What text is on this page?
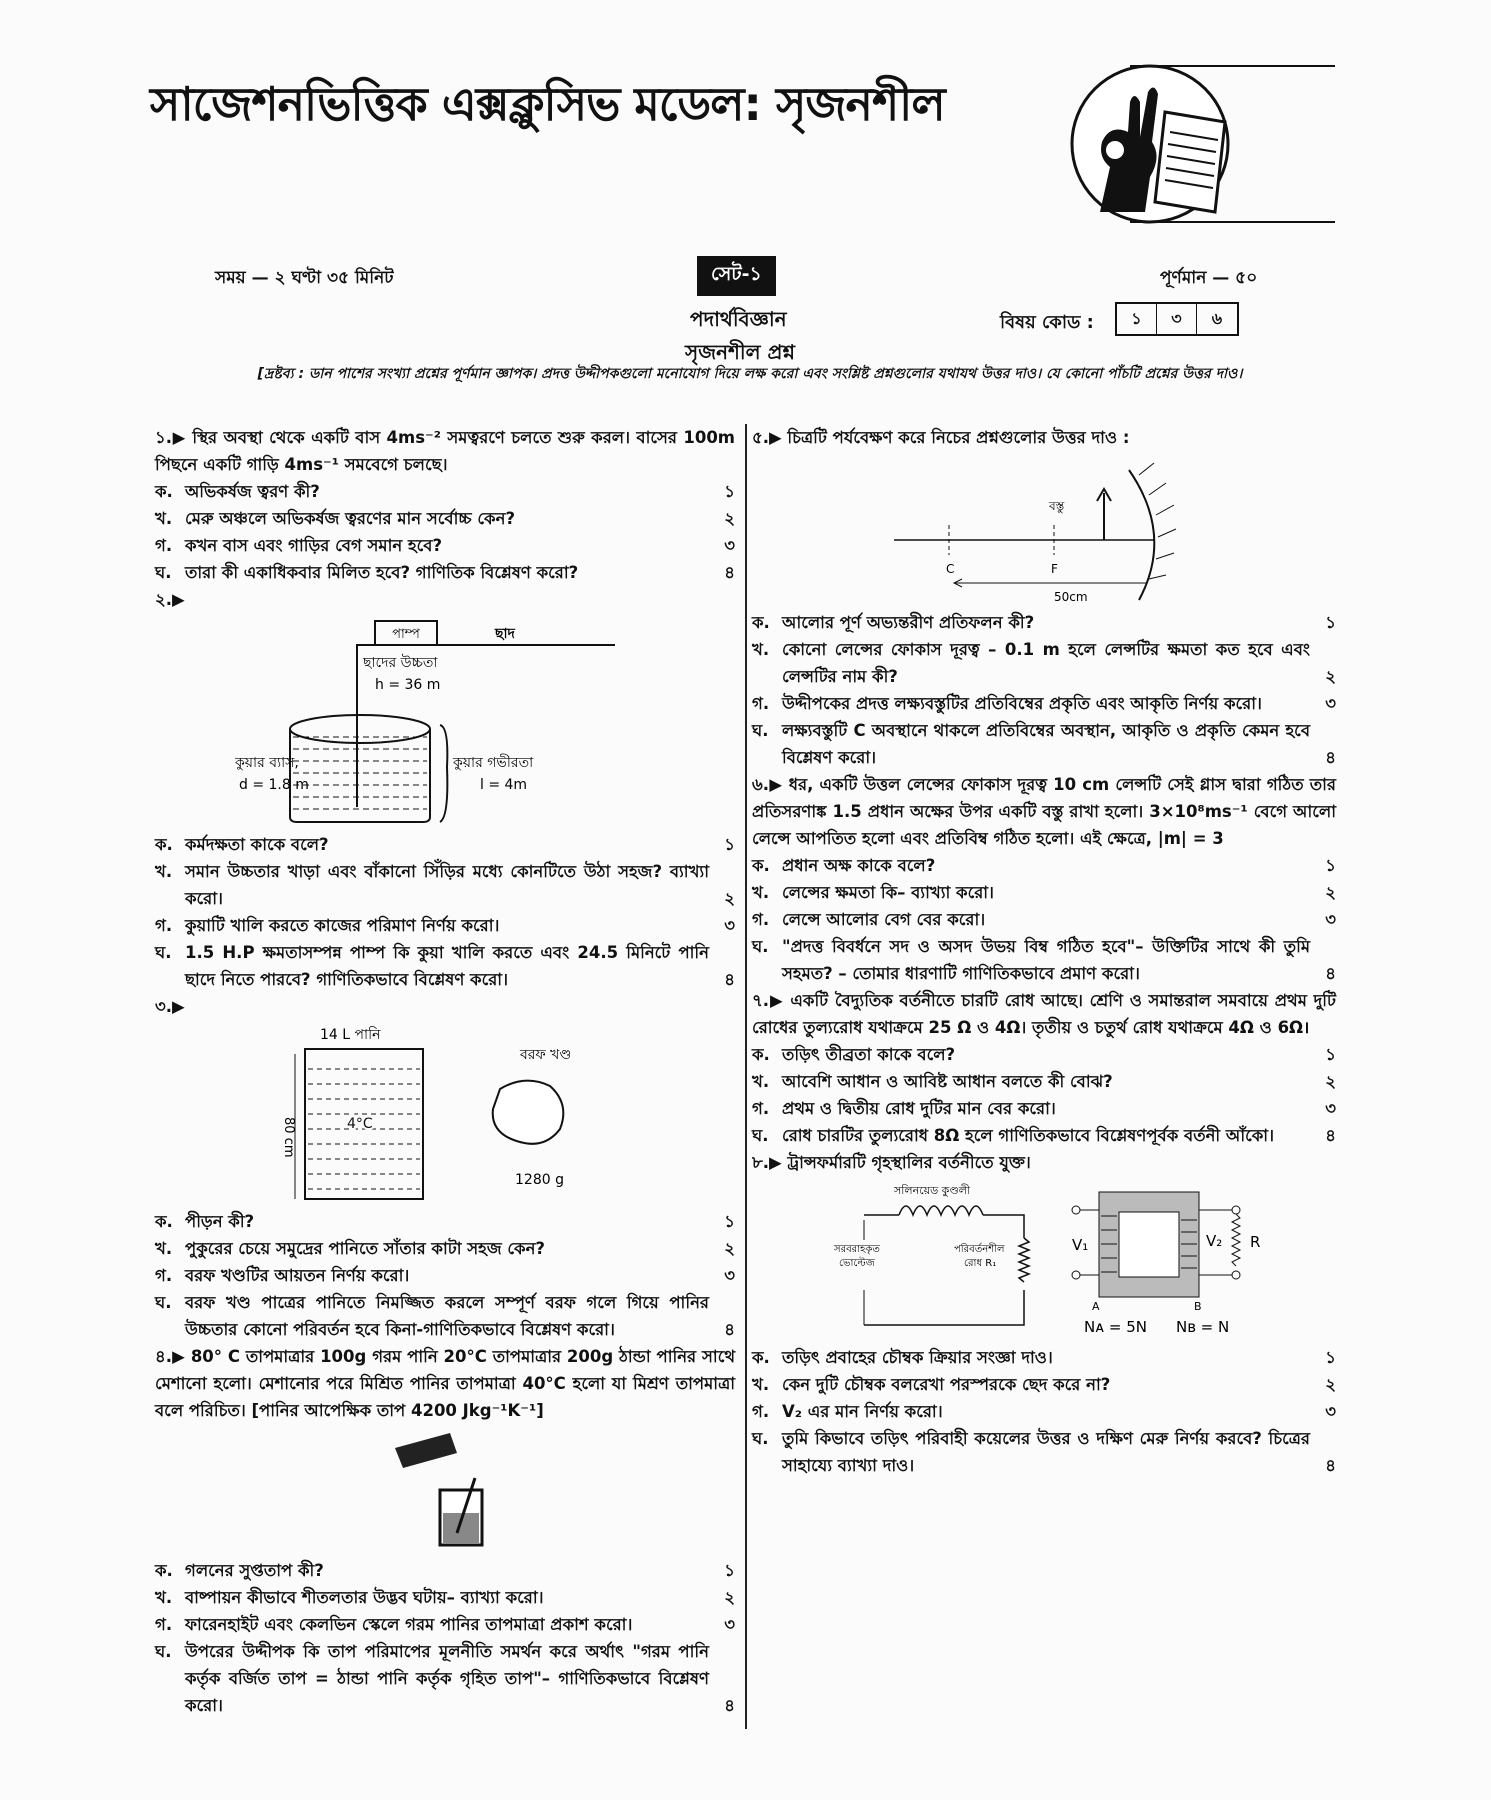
সাজেশনভিত্তিক এক্সক্লুসিভ মডেল: সৃজনশীল
সময় — ২ ঘণ্টা ৩৫ মিনিট	সেট-১	পূর্ণমান — ৫০
পদার্থবিজ্ঞান	বিষয় কোড :	১	৩	৬
সৃজনশীল প্রশ্ন
[দ্রষ্টব্য : ডান পাশের সংখ্যা প্রশ্নের পূর্ণমান জ্ঞাপক। প্রদত্ত উদ্দীপকগুলো মনোযোগ দিয়ে লক্ষ করো এবং সংশ্লিষ্ট প্রশ্নগুলোর যথাযথ উত্তর দাও। যে কোনো পাঁচটি প্রশ্নের উত্তর দাও।
১.▶ স্থির অবস্থা থেকে একটি বাস 4ms⁻² সমত্বরণে চলতে শুরু করল। বাসের 100m পিছনে একটি গাড়ি 4ms⁻¹ সমবেগে চলছে।
ক. অভিকর্ষজ ত্বরণ কী?	১
খ. মেরু অঞ্চলে অভিকর্ষজ ত্বরণের মান সর্বোচ্চ কেন?	২
গ. কখন বাস এবং গাড়ির বেগ সমান হবে?	৩
ঘ. তারা কী একাধিকবার মিলিত হবে? গাণিতিক বিশ্লেষণ করো?	৪
২.▶
পাম্প	ছাদ
ছাদের উচ্চতা
h = 36 m
কুয়ার ব্যাস,
d = 1.8 m
কুয়ার গভীরতা
l = 4m
ক. কর্মদক্ষতা কাকে বলে?	১
খ. সমান উচ্চতার খাড়া এবং বাঁকানো সিঁড়ির মধ্যে কোনটিতে উঠা সহজ? ব্যাখ্যা করো।	২
গ. কুয়াটি খালি করতে কাজের পরিমাণ নির্ণয় করো।	৩
ঘ. 1.5 H.P ক্ষমতাসম্পন্ন পাম্প কি কুয়া খালি করতে এবং 24.5 মিনিটে পানি ছাদে নিতে পারবে? গাণিতিকভাবে বিশ্লেষণ করো।	৪
৩.▶
14 L পানি
80 cm	4°C
বরফ খণ্ড
1280 g
ক. পীড়ন কী?	১
খ. পুকুরের চেয়ে সমুদ্রের পানিতে সাঁতার কাটা সহজ কেন?	২
গ. বরফ খণ্ডটির আয়তন নির্ণয় করো।	৩
ঘ. বরফ খণ্ড পাত্রের পানিতে নিমজ্জিত করলে সম্পূর্ণ বরফ গলে গিয়ে পানির উচ্চতার কোনো পরিবর্তন হবে কিনা-গাণিতিকভাবে বিশ্লেষণ করো।	৪
৪.▶ 80° C তাপমাত্রার 100g গরম পানি 20°C তাপমাত্রার 200g ঠান্ডা পানির সাথে মেশানো হলো। মেশানোর পরে মিশ্রিত পানির তাপমাত্রা 40°C হলো যা মিশ্রণ তাপমাত্রা বলে পরিচিত। [পানির আপেক্ষিক তাপ 4200 Jkg⁻¹K⁻¹]
ক. গলনের সুপ্ততাপ কী?	১
খ. বাষ্পায়ন কীভাবে শীতলতার উদ্ভব ঘটায়– ব্যাখ্যা করো।	২
গ. ফারেনহাইট এবং কেলভিন স্কেলে গরম পানির তাপমাত্রা প্রকাশ করো।	৩
ঘ. উপরের উদ্দীপক কি তাপ পরিমাপের মূলনীতি সমর্থন করে অর্থাৎ "গরম পানি কর্তৃক বর্জিত তাপ = ঠান্ডা পানি কর্তৃক গৃহিত তাপ"– গাণিতিকভাবে বিশ্লেষণ করো।	৪
৫.▶ চিত্রটি পর্যবেক্ষণ করে নিচের প্রশ্নগুলোর উত্তর দাও :
C	F
বস্তু
50cm
ক. আলোর পূর্ণ অভ্যন্তরীণ প্রতিফলন কী?	১
খ. কোনো লেন্সের ফোকাস দূরত্ব – 0.1 m হলে লেন্সটির ক্ষমতা কত হবে এবং লেন্সটির নাম কী?	২
গ. উদ্দীপকের প্রদত্ত লক্ষ্যবস্তুটির প্রতিবিম্বের প্রকৃতি এবং আকৃতি নির্ণয় করো।	৩
ঘ. লক্ষ্যবস্তুটি C অবস্থানে থাকলে প্রতিবিম্বের অবস্থান, আকৃতি ও প্রকৃতি কেমন হবে বিশ্লেষণ করো।	৪
৬.▶ ধর, একটি উত্তল লেন্সের ফোকাস দূরত্ব 10 cm লেন্সটি সেই গ্লাস দ্বারা গঠিত তার প্রতিসরণাঙ্ক 1.5 প্রধান অক্ষের উপর একটি বস্তু রাখা হলো। 3×10⁸ms⁻¹ বেগে আলো লেন্সে আপতিত হলো এবং প্রতিবিম্ব গঠিত হলো। এই ক্ষেত্রে, |m| = 3
ক. প্রধান অক্ষ কাকে বলে?	১
খ. লেন্সের ক্ষমতা কি– ব্যাখ্যা করো।	২
গ. লেন্সে আলোর বেগ বের করো।	৩
ঘ. "প্রদত্ত বিবর্ধনে সদ ও অসদ উভয় বিম্ব গঠিত হবে"– উক্তিটির সাথে কী তুমি সহমত? – তোমার ধারণাটি গাণিতিকভাবে প্রমাণ করো।	৪
৭.▶ একটি বৈদ্যুতিক বর্তনীতে চারটি রোধ আছে। শ্রেণি ও সমান্তরাল সমবায়ে প্রথম দুটি রোধের তুল্যরোধ যথাক্রমে 25 Ω ও 4Ω। তৃতীয় ও চতুর্থ রোধ যথাক্রমে 4Ω ও 6Ω।
ক. তড়িৎ তীব্রতা কাকে বলে?	১
খ. আবেশি আধান ও আবিষ্ট আধান বলতে কী বোঝ?	২
গ. প্রথম ও দ্বিতীয় রোধ দুটির মান বের করো।	৩
ঘ. রোধ চারটির তুল্যরোধ 8Ω হলে গাণিতিকভাবে বিশ্লেষণপূর্বক বর্তনী আঁকো।	৪
৮.▶ ট্রান্সফর্মারটি গৃহস্থালির বর্তনীতে যুক্ত।
সলিনয়েড কুণ্ডলী
সরবরাহকৃত
ভোল্টেজ
পরিবর্তনশীল
রোধ R₁
V₁	V₂ R
A	B
Nᴀ = 5N Nʙ = N
ক. তড়িৎ প্রবাহের চৌম্বক ক্রিয়ার সংজ্ঞা দাও।	১
খ. কেন দুটি চৌম্বক বলরেখা পরস্পরকে ছেদ করে না?	২
গ. V₂ এর মান নির্ণয় করো।	৩
ঘ. তুমি কিভাবে তড়িৎ পরিবাহী কয়েলের উত্তর ও দক্ষিণ মেরু নির্ণয় করবে? চিত্রের সাহায্যে ব্যাখ্যা দাও।	৪
